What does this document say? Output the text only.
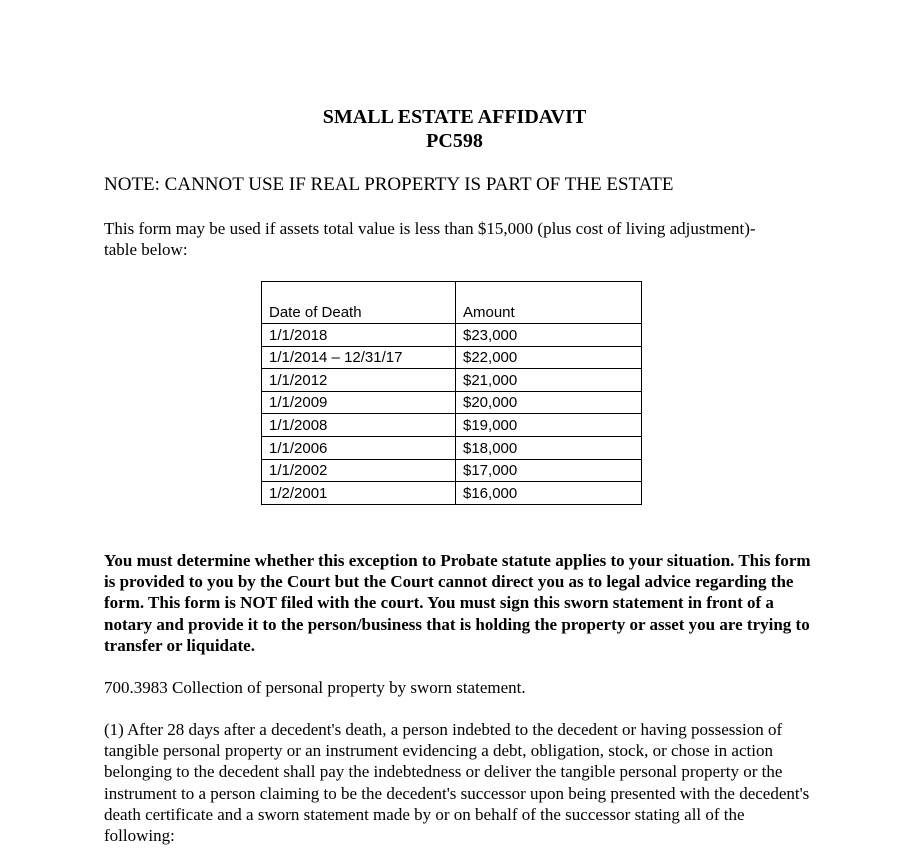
SMALL ESTATE AFFIDAVIT
PC598
NOTE: CANNOT USE IF REAL PROPERTY IS PART OF THE ESTATE
This form may be used if assets total value is less than $15,000 (plus cost of living adjustment)- table below:
Date of Death	Amount
1/1/2018	$23,000
1/1/2014 – 12/31/17	$22,000
1/1/2012	$21,000
1/1/2009	$20,000
1/1/2008	$19,000
1/1/2006	$18,000
1/1/2002	$17,000
1/2/2001	$16,000
You must determine whether this exception to Probate statute applies to your situation. This form is provided to you by the Court but the Court cannot direct you as to legal advice regarding the form. This form is NOT filed with the court. You must sign this sworn statement in front of a notary and provide it to the person/business that is holding the property or asset you are trying to transfer or liquidate.
700.3983 Collection of personal property by sworn statement.
(1) After 28 days after a decedent's death, a person indebted to the decedent or having possession of tangible personal property or an instrument evidencing a debt, obligation, stock, or chose in action belonging to the decedent shall pay the indebtedness or deliver the tangible personal property or the instrument to a person claiming to be the decedent's successor upon being presented with the decedent's death certificate and a sworn statement made by or on behalf of the successor stating all of the following:
